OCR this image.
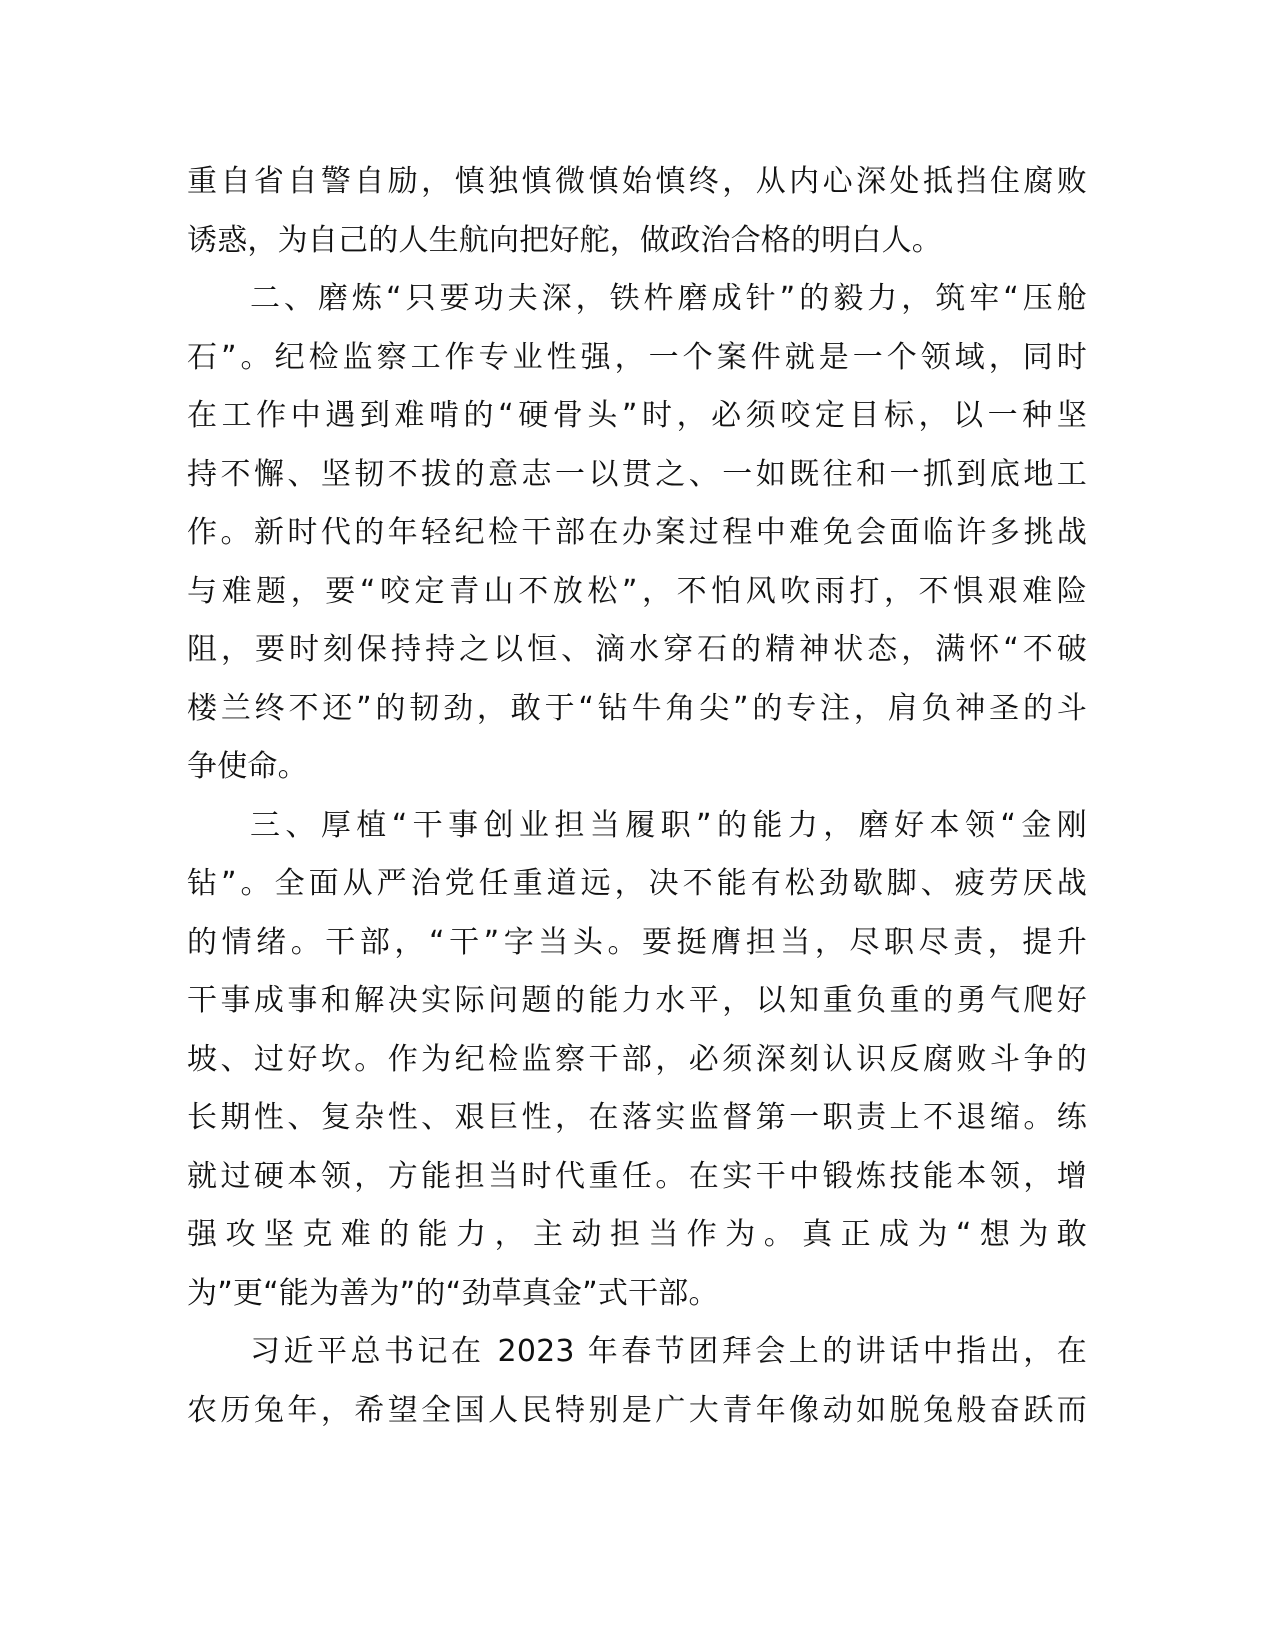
重自省自警自励，慎独慎微慎始慎终，从内心深处抵挡住腐败
诱惑，为自己的人生航向把好舵，做政治合格的明白人。
二、磨炼“只要功夫深，铁杵磨成针”的毅力，筑牢“压舱
石”。纪检监察工作专业性强，一个案件就是一个领域，同时
在工作中遇到难啃的“硬骨头”时，必须咬定目标，以一种坚
持不懈、坚韧不拔的意志一以贯之、一如既往和一抓到底地工
作。新时代的年轻纪检干部在办案过程中难免会面临许多挑战
与难题，要“咬定青山不放松”，不怕风吹雨打，不惧艰难险
阻，要时刻保持持之以恒、滴水穿石的精神状态，满怀“不破
楼兰终不还”的韧劲，敢于“钻牛角尖”的专注，肩负神圣的斗
争使命。
三、厚植“干事创业担当履职”的能力，磨好本领“金刚
钻”。全面从严治党任重道远，决不能有松劲歇脚、疲劳厌战
的情绪。干部，“干”字当头。要挺膺担当，尽职尽责，提升
干事成事和解决实际问题的能力水平，以知重负重的勇气爬好
坡、过好坎。作为纪检监察干部，必须深刻认识反腐败斗争的
长期性、复杂性、艰巨性，在落实监督第一职责上不退缩。练
就过硬本领，方能担当时代重任。在实干中锻炼技能本领，增
强攻坚克难的能力，主动担当作为。真正成为“想为敢
为”更“能为善为”的“劲草真金”式干部。
习近平总书记在 2023 年春节团拜会上的讲话中指出，在
农历兔年，希望全国人民特别是广大青年像动如脱兔般奋跃而
